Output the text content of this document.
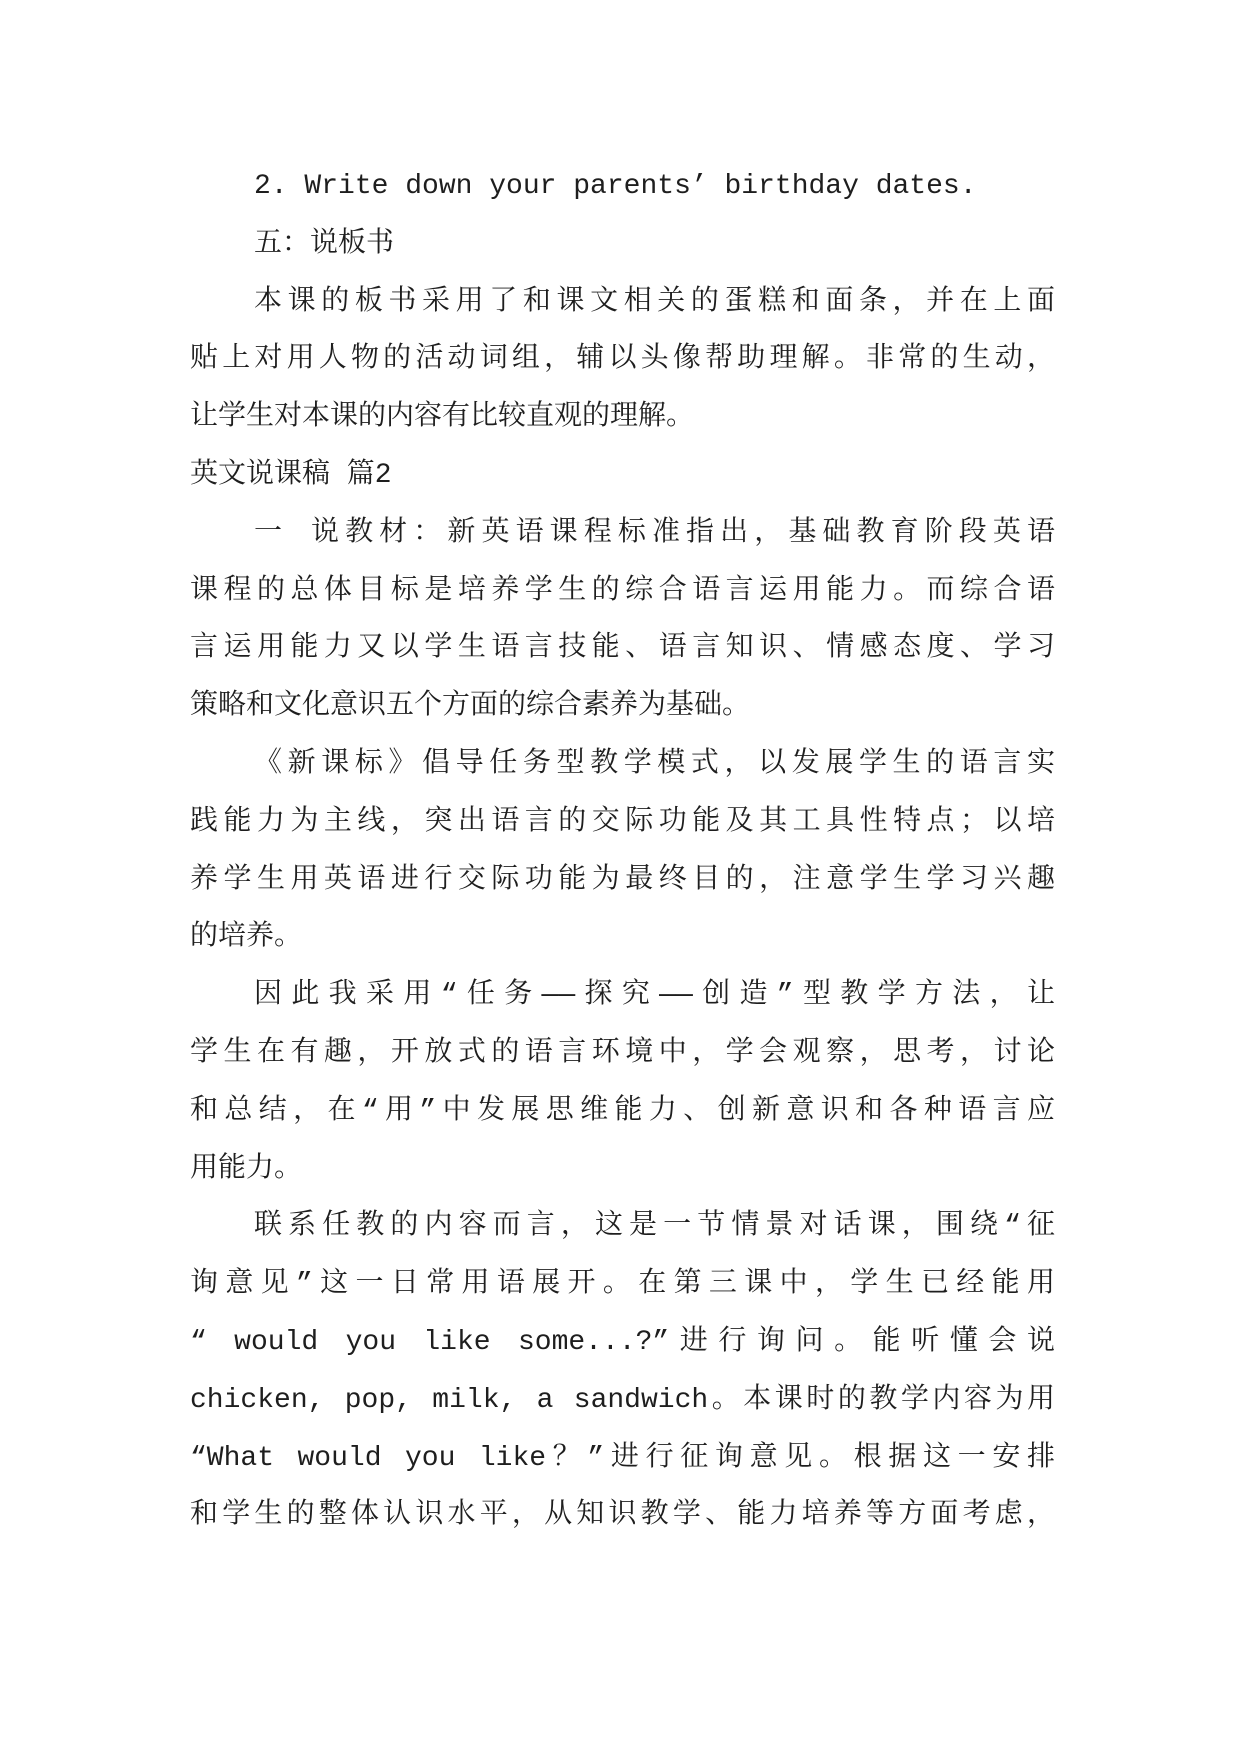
2. Write down your parents’ birthday dates.
五：说板书
本课的板书采用了和课文相关的蛋糕和面条，并在上面
贴上对用人物的活动词组，辅以头像帮助理解。非常的生动，
让学生对本课的内容有比较直观的理解。
英文说课稿 篇2
一 说教材：新英语课程标准指出，基础教育阶段英语
课程的总体目标是培养学生的综合语言运用能力。而综合语
言运用能力又以学生语言技能、语言知识、情感态度、学习
策略和文化意识五个方面的综合素养为基础。
《新课标》倡导任务型教学模式，以发展学生的语言实
践能力为主线，突出语言的交际功能及其工具性特点；以培
养学生用英语进行交际功能为最终目的，注意学生学习兴趣
的培养。
因此我采用“任务——探究——创造”型教学方法，让
学生在有趣，开放式的语言环境中，学会观察，思考，讨论
和总结，在“用”中发展思维能力、创新意识和各种语言应
用能力。
联系任教的内容而言，这是一节情景对话课，围绕“征
询意见”这一日常用语展开。在第三课中，学生已经能用
“ would you like some...?”进行询问。能听懂会说
chicken, pop, milk, a sandwich。本课时的教学内容为用
“What would you like？”进行征询意见。根据这一安排
和学生的整体认识水平，从知识教学、能力培养等方面考虑，
